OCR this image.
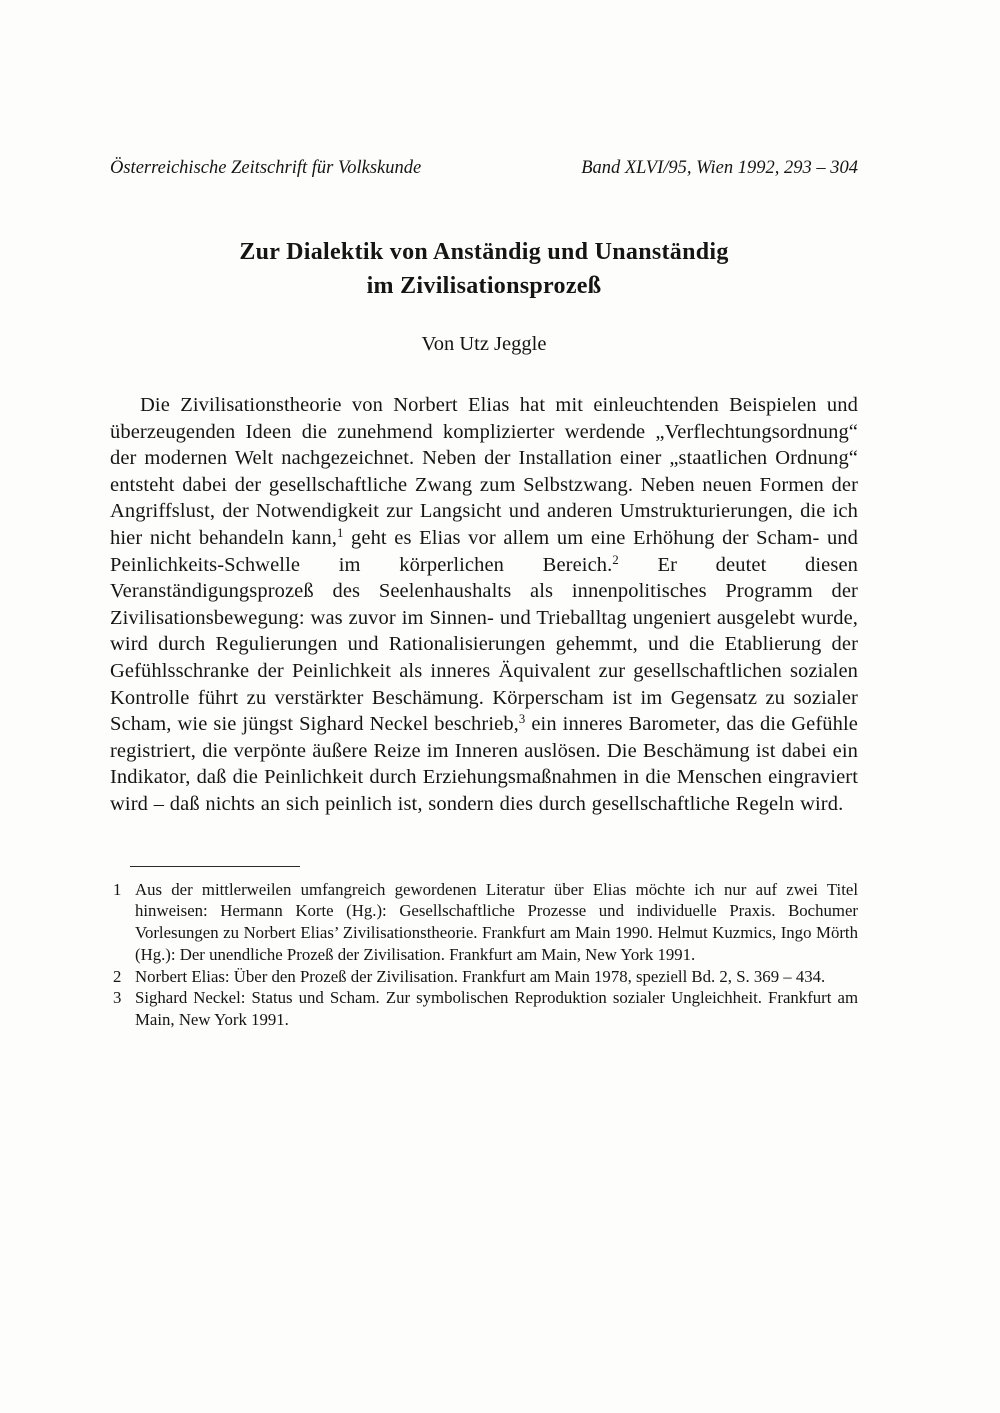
Österreichische Zeitschrift für Volkskunde	Band XLVI/95, Wien 1992, 293 – 304
Zur Dialektik von Anständig und Unanständig
im Zivilisationsprozeß
Von Utz Jeggle

Die Zivilisationstheorie von Norbert Elias hat mit einleuchtenden Beispielen und überzeugenden Ideen die zunehmend komplizierter werdende „Verflechtungsordnung“ der modernen Welt nachgezeichnet. Neben der Installation einer „staatlichen Ordnung“ entsteht dabei der gesellschaftliche Zwang zum Selbstzwang. Neben neuen Formen der Angriffslust, der Notwendigkeit zur Langsicht und anderen Umstrukturierungen, die ich hier nicht behandeln kann,$^1$ geht es Elias vor allem um eine Erhöhung der Scham- und Peinlichkeits-Schwelle im körperlichen Bereich.$^2$ Er deutet diesen Veranständigungsprozeß des Seelenhaushalts als innenpolitisches Programm der Zivilisationsbewegung: was zuvor im Sinnen- und Trieballtag ungeniert ausgelebt wurde, wird durch Regulierungen und Rationalisierungen gehemmt, und die Etablierung der Gefühlsschranke der Peinlichkeit als inneres Äquivalent zur gesellschaftlichen sozialen Kontrolle führt zu verstärkter Beschämung. Körperscham ist im Gegensatz zu sozialer Scham, wie sie jüngst Sighard Neckel beschrieb,$^3$ ein inneres Barometer, das die Gefühle registriert, die verpönte äußere Reize im Inneren auslösen. Die Beschämung ist dabei ein Indikator, daß die Peinlichkeit durch Erziehungsmaßnahmen in die Menschen eingraviert wird – daß nichts an sich peinlich ist, sondern dies durch gesellschaftliche Regeln wird.

1 Aus der mittlerweilen umfangreich gewordenen Literatur über Elias möchte ich nur auf zwei Titel hinweisen: Hermann Korte (Hg.): Gesellschaftliche Prozesse und individuelle Praxis. Bochumer Vorlesungen zu Norbert Elias’ Zivilisationstheorie. Frankfurt am Main 1990. Helmut Kuzmics, Ingo Mörth (Hg.): Der unendliche Prozeß der Zivilisation. Frankfurt am Main, New York 1991.
2 Norbert Elias: Über den Prozeß der Zivilisation. Frankfurt am Main 1978, speziell Bd. 2, S. 369 – 434.
3 Sighard Neckel: Status und Scham. Zur symbolischen Reproduktion sozialer Ungleichheit. Frankfurt am Main, New York 1991.
